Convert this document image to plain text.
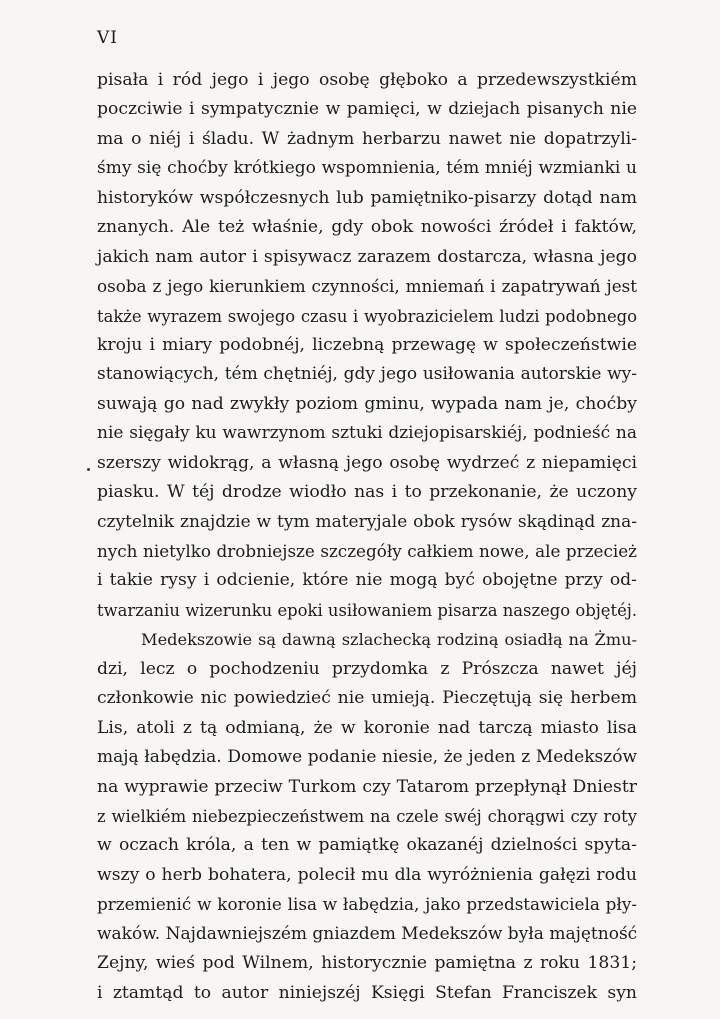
VI
pisała i ród jego i jego osobę głęboko a przedewszystkiém
poczciwie i sympatycznie w pamięci, w dziejach pisanych nie
ma o niéj i śladu. W żadnym herbarzu nawet nie dopatrzyli-
śmy się choćby krótkiego wspomnienia, tém mniéj wzmianki u
historyków współczesnych lub pamiętniko-pisarzy dotąd nam
znanych. Ale też właśnie, gdy obok nowości źródeł i faktów,
jakich nam autor i spisywacz zarazem dostarcza, własna jego
osoba z jego kierunkiem czynności, mniemań i zapatrywań jest
także wyrazem swojego czasu i wyobrazicielem ludzi podobnego
kroju i miary podobnéj, liczebną przewagę w społeczeństwie
stanowiących, tém chętniéj, gdy jego usiłowania autorskie wy-
suwają go nad zwykły poziom gminu, wypada nam je, choćby
nie sięgały ku wawrzynom sztuki dziejopisarskiéj, podnieść na
szerszy widokrąg, a własną jego osobę wydrzeć z niepamięci
piasku. W téj drodze wiodło nas i to przekonanie, że uczony
czytelnik znajdzie w tym materyjale obok rysów skądinąd zna-
nych nietylko drobniejsze szczegóły całkiem nowe, ale przecież
i takie rysy i odcienie, które nie mogą być obojętne przy od-
twarzaniu wizerunku epoki usiłowaniem pisarza naszego objętéj.
Medekszowie są dawną szlachecką rodziną osiadłą na Żmu-
dzi, lecz o pochodzeniu przydomka z Prószcza nawet jéj
członkowie nic powiedzieć nie umieją. Pieczętują się herbem
Lis, atoli z tą odmianą, że w koronie nad tarczą miasto lisa
mają łabędzia. Domowe podanie niesie, że jeden z Medekszów
na wyprawie przeciw Turkom czy Tatarom przepłynął Dniestr
z wielkiém niebezpieczeństwem na czele swéj chorągwi czy roty
w oczach króla, a ten w pamiątkę okazanéj dzielności spyta-
wszy o herb bohatera, polecił mu dla wyróżnienia gałęzi rodu
przemienić w koronie lisa w łabędzia, jako przedstawiciela pły-
waków. Najdawniejszém gniazdem Medekszów była majętność
Zejny, wieś pod Wilnem, historycznie pamiętna z roku 1831;
i ztamtąd to autor niniejszéj Księgi Stefan Franciszek syn
